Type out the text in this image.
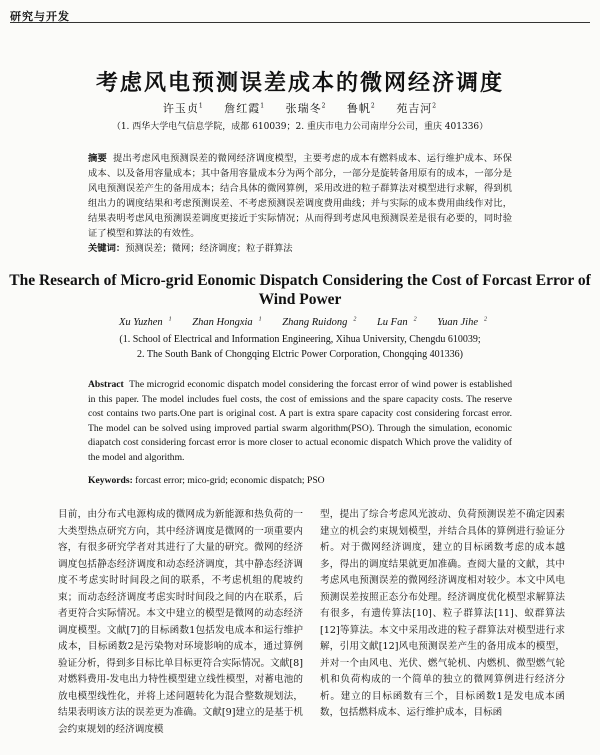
研究与开发
考虑风电预测误差成本的微网经济调度
许玉贞$^1$ 詹红霞$^1$ 张瑞冬$^2$ 鲁帆$^2$ 苑吉河$^2$
（1. 西华大学电气信息学院，成都 610039；2. 重庆市电力公司南岸分公司，重庆 401336）
摘要 提出考虑风电预测误差的微网经济调度模型，主要考虑的成本有燃料成本、运行维护成本、环保成本、以及备用容量成本；其中备用容量成本分为两个部分，一部分是旋转备用原有的成本，一部分是风电预测误差产生的备用成本；结合具体的微网算例，采用改进的粒子群算法对模型进行求解，得到机组出力的调度结果和考虑预测误差、不考虑预测误差调度费用曲线；并与实际的成本费用曲线作对比，结果表明考虑风电预测误差调度更接近于实际情况；从而得到考虑风电预测误差是很有必要的，同时验证了模型和算法的有效性。
关键词：预测误差；微网；经济调度；粒子群算法
The Research of Micro-grid Eonomic Dispatch Considering the Cost of Forcast Error of Wind Power
Xu Yuzhen $^1$ Zhan Hongxia $^1$ Zhang Ruidong $^2$ Lu Fan $^2$ Yuan Jihe $^2$
(1. School of Electrical and Information Engineering, Xihua University, Chengdu 610039;
2. The South Bank of Chongqing Elctric Power Corporation, Chongqing 401336)
Abstract The microgrid economic dispatch model considering the forcast error of wind power is established in this paper. The model includes fuel costs, the cost of emissions and the spare capacity costs. The reserve cost contains two parts.One part is original cost. A part is extra spare capacity cost considering forcast error. The model can be solved using improved partial swarm algorithm(PSO). Through the simulation, economic diapatch cost considering forcast error is more closer to actual economic dispatch Which prove the validity of the model and algorithm.
Keywords: forcast error; mico-grid; economic dispatch; PSO
目前，由分布式电源构成的微网成为新能源和热负荷的一大类型热点研究方向，其中经济调度是微网的一项重要内容，有很多研究学者对其进行了大量的研究。微网的经济调度包括静态经济调度和动态经济调度，其中静态经济调度不考虑实时时间段之间的联系，不考虑机组的爬坡约束；而动态经济调度考虑实时时间段之间的内在联系，后者更符合实际情况。本文中建立的模型是微网的动态经济调度模型。文献[7]的目标函数1包括发电成本和运行维护成本，目标函数2是污染物对环境影响的成本，通过算例验证分析，得到多目标比单目标更符合实际情况。文献[8]对燃料费用-发电出力特性模型建立线性模型，对蓄电池的放电模型线性化，并将上述问题转化为混合整数规划法，结果表明该方法的误差更为准确。文献[9]建立的是基于机会约束规划的经济调度模
型，提出了综合考虑风光波动、负荷预测误差不确定因素建立的机会约束规划模型，并结合具体的算例进行验证分析。对于微网经济调度，建立的目标函数考虑的成本越多，得出的调度结果就更加准确。查阅大量的文献，其中考虑风电预测误差的微网经济调度相对较少。本文中风电预测误差按照正态分布处理。经济调度优化模型求解算法有很多，有遗传算法[10]、粒子群算法[11]、蚁群算法[12]等算法。本文中采用改进的粒子群算法对模型进行求解，引用文献[12]风电预测误差产生的备用成本的模型，并对一个由风电、光伏、燃气轮机、内燃机、微型燃气轮机和负荷构成的一个简单的独立的微网算例进行经济分析。建立的目标函数有三个，目标函数1是发电成本函数，包括燃料成本、运行维护成本，目标函
